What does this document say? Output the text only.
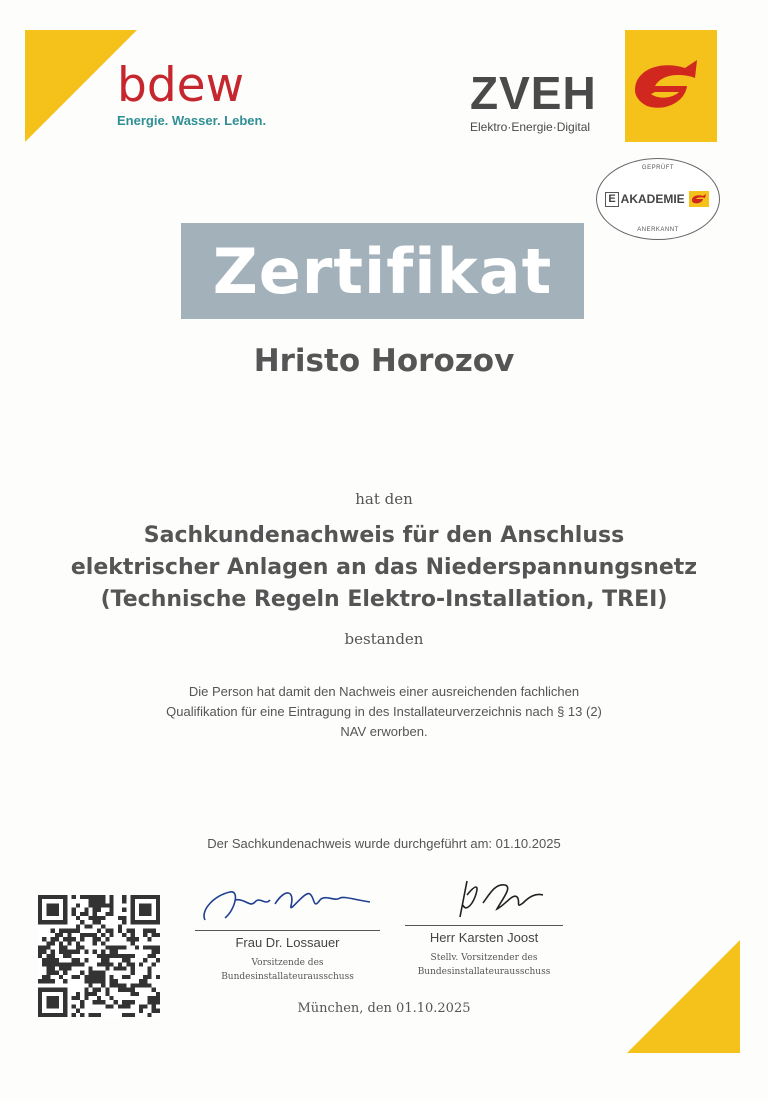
bdew
Energie. Wasser. Leben.
ZVEH
Elektro·Energie·Digital
GEPRÜFT
E AKADEMIE
ANERKANNT
Zertifikat
Hristo Horozov
hat den
Sachkundenachweis für den Anschluss
elektrischer Anlagen an das Niederspannungsnetz
(Technische Regeln Elektro-Installation, TREI)
bestanden
Die Person hat damit den Nachweis einer ausreichenden fachlichen
Qualifikation für eine Eintragung in des Installateurverzeichnis nach § 13 (2)
NAV erworben.
Der Sachkundenachweis wurde durchgeführt am: 01.10.2025
Frau Dr. Lossauer
Vorsitzende des
Bundesinstallateurausschuss
Herr Karsten Joost
Stellv. Vorsitzender des
Bundesinstallateurausschuss
München, den 01.10.2025
